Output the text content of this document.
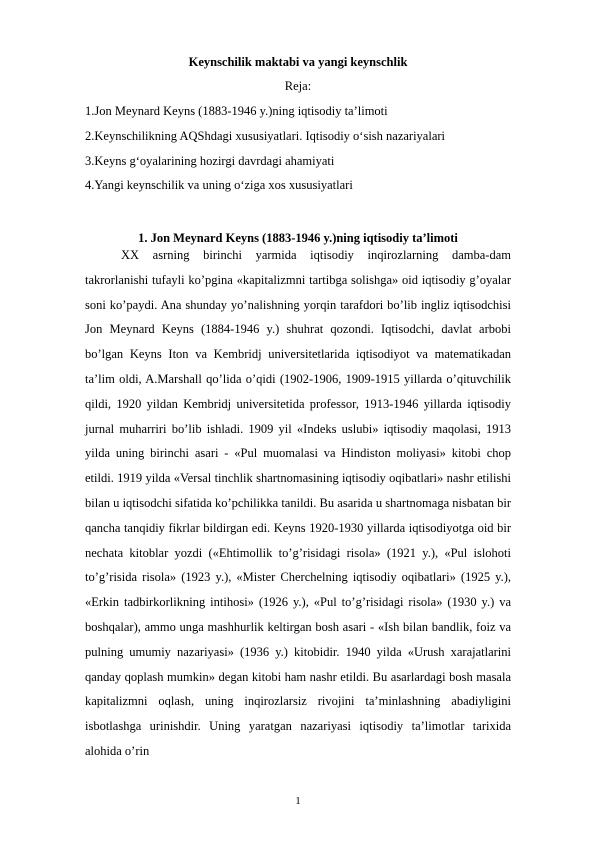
Keynschilik maktabi va yangi keynschlik

Reja:

1.Jon Meynard Keyns (1883-1946 y.)ning iqtisodiy ta’limoti
2.Keynschilikning AQShdagi xususiyatlari. Iqtisodiy o‘sish nazariyalari
3.Keyns g‘oyalarining hozirgi davrdagi ahamiyati
4.Yangi keynschilik va uning o‘ziga xos xususiyatlari
1. Jon Meynard Keyns (1883-1946 y.)ning iqtisodiy ta’limoti

XX asrning birinchi yarmida iqtisodiy inqirozlarning damba-dam takrorlanishi tufayli ko’pgina «kapitalizmni tartibga solishga» oid iqtisodiy g’oyalar soni ko’paydi. Ana shunday yo’nalishning yorqin tarafdori bo’lib ingliz iqtisodchisi Jon Meynard Keyns (1884-1946 y.) shuhrat qozondi. Iqtisodchi, davlat arbobi bo’lgan Keyns Iton va Kembridj universitetlarida iqtisodiyot va matematikadan ta’lim oldi, A.Marshall qo’lida o’qidi (1902-1906, 1909-1915 yillarda o’qituvchilik qildi, 1920 yildan Kembridj universitetida professor, 1913-1946 yillarda iqtisodiy jurnal muharriri bo’lib ishladi. 1909 yil «Indeks uslubi» iqtisodiy maqolasi, 1913 yilda uning birinchi asari - «Pul muomalasi va Hindiston moliyasi» kitobi chop etildi. 1919 yilda «Versal tinchlik shartnomasining iqtisodiy oqibatlari» nashr etilishi bilan u iqtisodchi sifatida ko’pchilikka tanildi. Bu asarida u shartnomaga nisbatan bir qancha tanqidiy fikrlar bildirgan edi. Keyns 1920-1930 yillarda iqtisodiyotga oid bir nechata kitoblar yozdi («Ehtimollik to’g’risidagi risola» (1921 y.), «Pul islohoti to’g’risida risola» (1923 y.), «Mister Cherchelning iqtisodiy oqibatlari» (1925 y.), «Erkin tadbirkorlikning intihosi» (1926 y.), «Pul to’g’risidagi risola» (1930 y.) va boshqalar), ammo unga mashhurlik keltirgan bosh asari - «Ish bilan bandlik, foiz va pulning umumiy nazariyasi» (1936 y.) kitobidir. 1940 yilda «Urush xarajatlarini qanday qoplash mumkin» degan kitobi ham nashr etildi. Bu asarlardagi bosh masala kapitalizmni oqlash, uning inqirozlarsiz rivojini ta’minlashning abadiyligini isbotlashga urinishdir. Uning yaratgan nazariyasi iqtisodiy ta’limotlar tarixida alohida o’rin

1
